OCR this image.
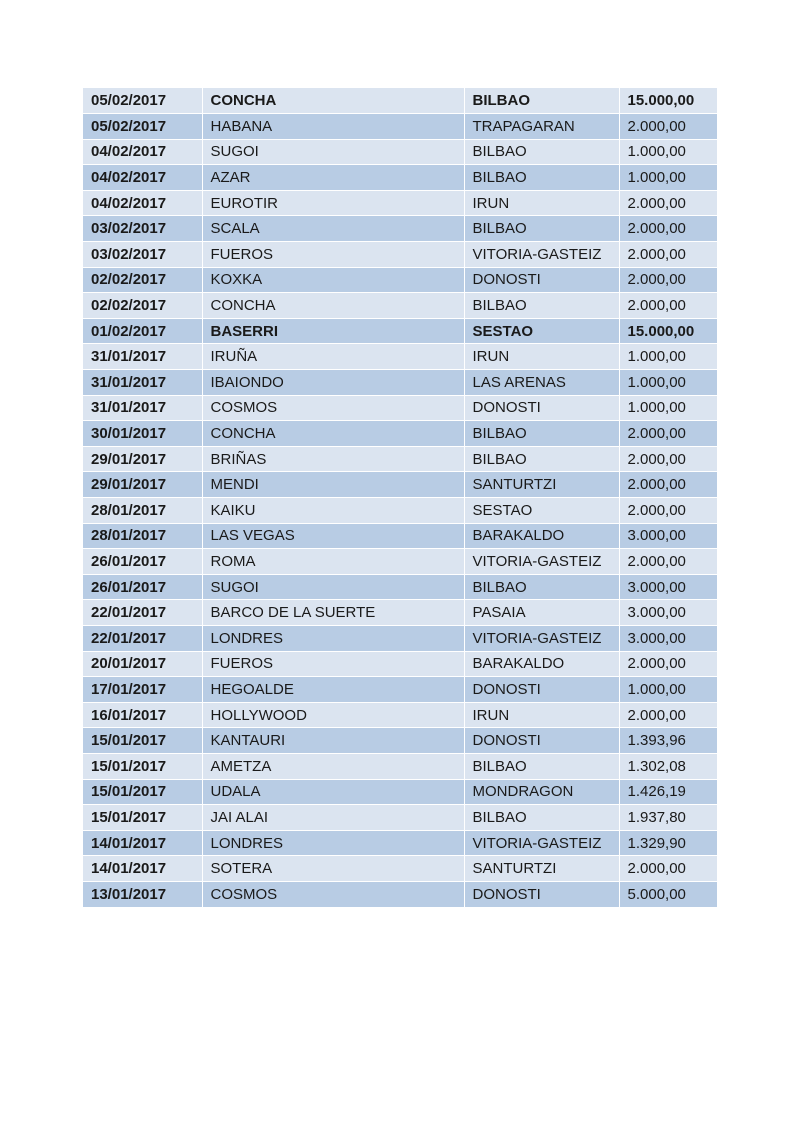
05/02/2017	CONCHA	BILBAO	15.000,00
05/02/2017	HABANA	TRAPAGARAN	2.000,00
04/02/2017	SUGOI	BILBAO	1.000,00
04/02/2017	AZAR	BILBAO	1.000,00
04/02/2017	EUROTIR	IRUN	2.000,00
03/02/2017	SCALA	BILBAO	2.000,00
03/02/2017	FUEROS	VITORIA-GASTEIZ	2.000,00
02/02/2017	KOXKA	DONOSTI	2.000,00
02/02/2017	CONCHA	BILBAO	2.000,00
01/02/2017	BASERRI	SESTAO	15.000,00
31/01/2017	IRUÑA	IRUN	1.000,00
31/01/2017	IBAIONDO	LAS ARENAS	1.000,00
31/01/2017	COSMOS	DONOSTI	1.000,00
30/01/2017	CONCHA	BILBAO	2.000,00
29/01/2017	BRIÑAS	BILBAO	2.000,00
29/01/2017	MENDI	SANTURTZI	2.000,00
28/01/2017	KAIKU	SESTAO	2.000,00
28/01/2017	LAS VEGAS	BARAKALDO	3.000,00
26/01/2017	ROMA	VITORIA-GASTEIZ	2.000,00
26/01/2017	SUGOI	BILBAO	3.000,00
22/01/2017	BARCO DE LA SUERTE	PASAIA	3.000,00
22/01/2017	LONDRES	VITORIA-GASTEIZ	3.000,00
20/01/2017	FUEROS	BARAKALDO	2.000,00
17/01/2017	HEGOALDE	DONOSTI	1.000,00
16/01/2017	HOLLYWOOD	IRUN	2.000,00
15/01/2017	KANTAURI	DONOSTI	1.393,96
15/01/2017	AMETZA	BILBAO	1.302,08
15/01/2017	UDALA	MONDRAGON	1.426,19
15/01/2017	JAI ALAI	BILBAO	1.937,80
14/01/2017	LONDRES	VITORIA-GASTEIZ	1.329,90
14/01/2017	SOTERA	SANTURTZI	2.000,00
13/01/2017	COSMOS	DONOSTI	5.000,00
